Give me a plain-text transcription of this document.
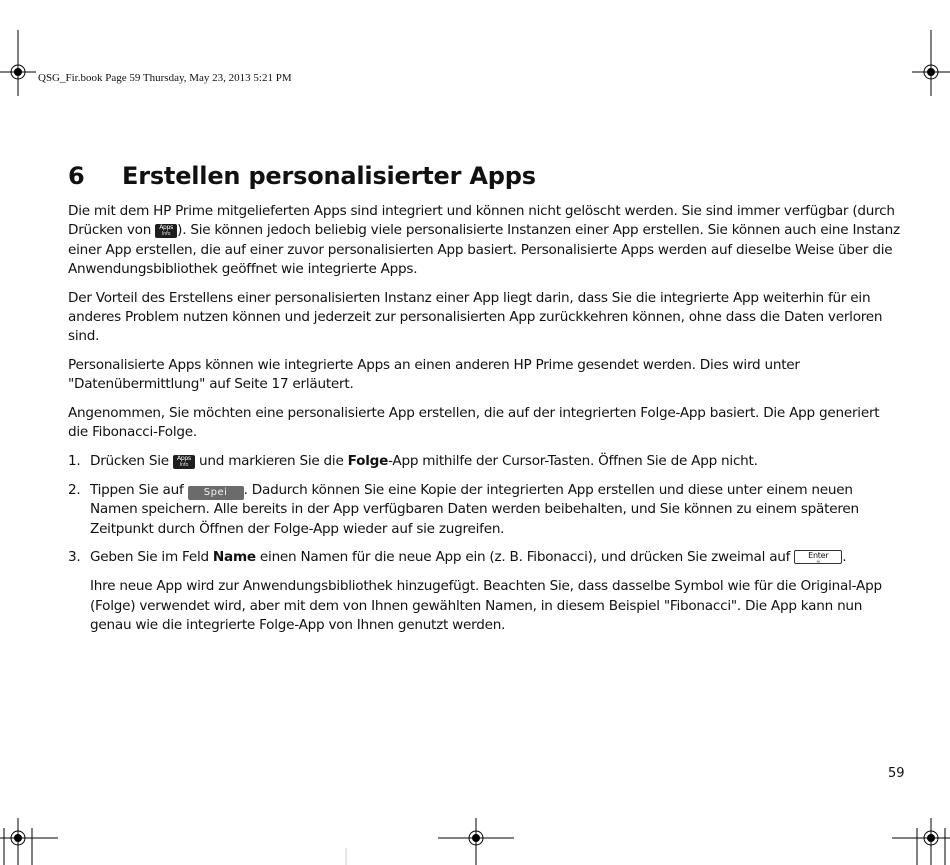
QSG_Fir.book Page 59 Thursday, May 23, 2013 5:21 PM
6 Erstellen personalisierter Apps

Die mit dem HP Prime mitgelieferten Apps sind integriert und können nicht gelöscht werden. Sie sind immer verfügbar (durch Drücken von Apps
Info ). Sie können jedoch beliebig viele personalisierte Instanzen einer App erstellen. Sie können auch eine Instanz einer App erstellen, die auf einer zuvor personalisierten App basiert. Personalisierte Apps werden auf dieselbe Weise über die Anwendungsbibliothek geöffnet wie integrierte Apps.

Der Vorteil des Erstellens einer personalisierten Instanz einer App liegt darin, dass Sie die integrierte App weiterhin für ein anderes Problem nutzen können und jederzeit zur personalisierten App zurückkehren können, ohne dass die Daten verloren sind.

Personalisierte Apps können wie integrierte Apps an einen anderen HP Prime gesendet werden. Dies wird unter "Datenübermittlung" auf Seite 17 erläutert.

Angenommen, Sie möchten eine personalisierte App erstellen, die auf der integrierten Folge-App basiert. Die App generiert die Fibonacci-Folge.

1. Drücken Sie Apps
Info und markieren Sie die Folge-App mithilfe der Cursor-Tasten. Öffnen Sie de App nicht.
2. Tippen Sie auf Spei . Dadurch können Sie eine Kopie der integrierten App erstellen und diese unter einem neuen Namen speichern. Alle bereits in der App verfügbaren Daten werden beibehalten, und Sie können zu einem späteren Zeitpunkt durch Öffnen der Folge-App wieder auf sie zugreifen.
3. Geben Sie im Feld Name einen Namen für die neue App ein (z. B. Fibonacci), und drücken Sie zweimal auf Enter
≈	.
Ihre neue App wird zur Anwendungsbibliothek hinzugefügt. Beachten Sie, dass dasselbe Symbol wie für die Original-App (Folge) verwendet wird, aber mit dem von Ihnen gewählten Namen, in diesem Beispiel "Fibonacci". Die App kann nun genau wie die integrierte Folge-App von Ihnen genutzt werden.
59
